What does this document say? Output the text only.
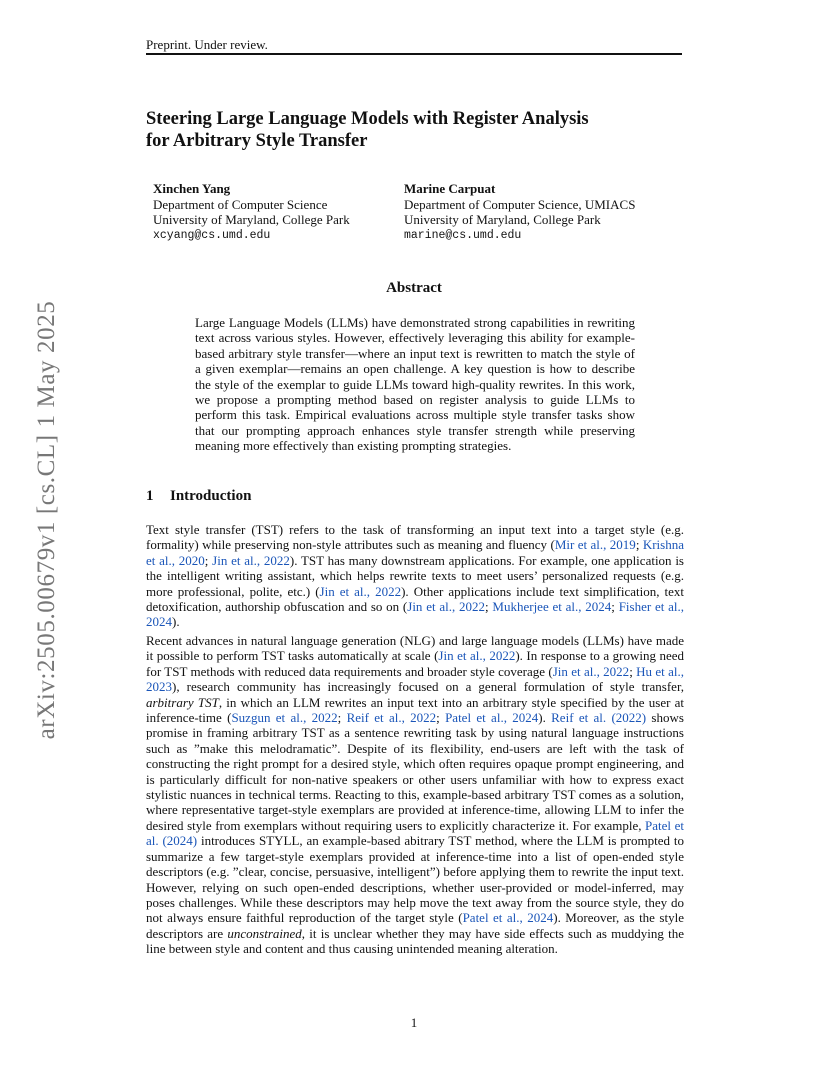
Preprint. Under review.
arXiv:2505.00679v1 [cs.CL] 1 May 2025
Steering Large Language Models with Register Analysis
for Arbitrary Style Transfer
Xinchen Yang
Department of Computer Science
University of Maryland, College Park
xcyang@cs.umd.edu
Marine Carpuat
Department of Computer Science, UMIACS
University of Maryland, College Park
marine@cs.umd.edu
Abstract

Large Language Models (LLMs) have demonstrated strong capabilities in rewriting text across various styles. However, effectively leveraging this ability for example-based arbitrary style transfer—where an input text is rewritten to match the style of a given exemplar—remains an open challenge. A key question is how to describe the style of the exemplar to guide LLMs toward high-quality rewrites. In this work, we propose a prompting method based on register analysis to guide LLMs to perform this task. Empirical evaluations across multiple style transfer tasks show that our prompting approach enhances style transfer strength while preserving meaning more effectively than existing prompting strategies.

1 Introduction

Text style transfer (TST) refers to the task of transforming an input text into a target style (e.g. formality) while preserving non-style attributes such as meaning and fluency (Mir et al., 2019; Krishna et al., 2020; Jin et al., 2022). TST has many downstream applications. For example, one application is the intelligent writing assistant, which helps rewrite texts to meet users’ personalized requests (e.g. more professional, polite, etc.) (Jin et al., 2022). Other applications include text simplification, text detoxification, authorship obfuscation and so on (Jin et al., 2022; Mukherjee et al., 2024; Fisher et al., 2024).

Recent advances in natural language generation (NLG) and large language models (LLMs) have made it possible to perform TST tasks automatically at scale (Jin et al., 2022). In response to a growing need for TST methods with reduced data requirements and broader style coverage (Jin et al., 2022; Hu et al., 2023), research community has increasingly focused on a general formulation of style transfer, arbitrary TST, in which an LLM rewrites an input text into an arbitrary style specified by the user at inference-time (Suzgun et al., 2022; Reif et al., 2022; Patel et al., 2024). Reif et al. (2022) shows promise in framing arbitrary TST as a sentence rewriting task by using natural language instructions such as ”make this melodramatic”. Despite of its flexibility, end-users are left with the task of constructing the right prompt for a desired style, which often requires opaque prompt engineering, and is particularly difficult for non-native speakers or other users unfamiliar with how to express exact stylistic nuances in technical terms. Reacting to this, example-based arbitrary TST comes as a solution, where representative target-style exemplars are provided at inference-time, allowing LLM to infer the desired style from exemplars without requiring users to explicitly characterize it. For example, Patel et al. (2024) introduces STYLL, an example-based abitrary TST method, where the LLM is prompted to summarize a few target-style exemplars provided at inference-time into a list of open-ended style descriptors (e.g. ”clear, concise, persuasive, intelligent”) before applying them to rewrite the input text. However, relying on such open-ended descriptions, whether user-provided or model-inferred, may poses challenges. While these descriptors may help move the text away from the source style, they do not always ensure faithful reproduction of the target style (Patel et al., 2024). Moreover, as the style descriptors are unconstrained, it is unclear whether they may have side effects such as muddying the line between style and content and thus causing unintended meaning alteration.

1
